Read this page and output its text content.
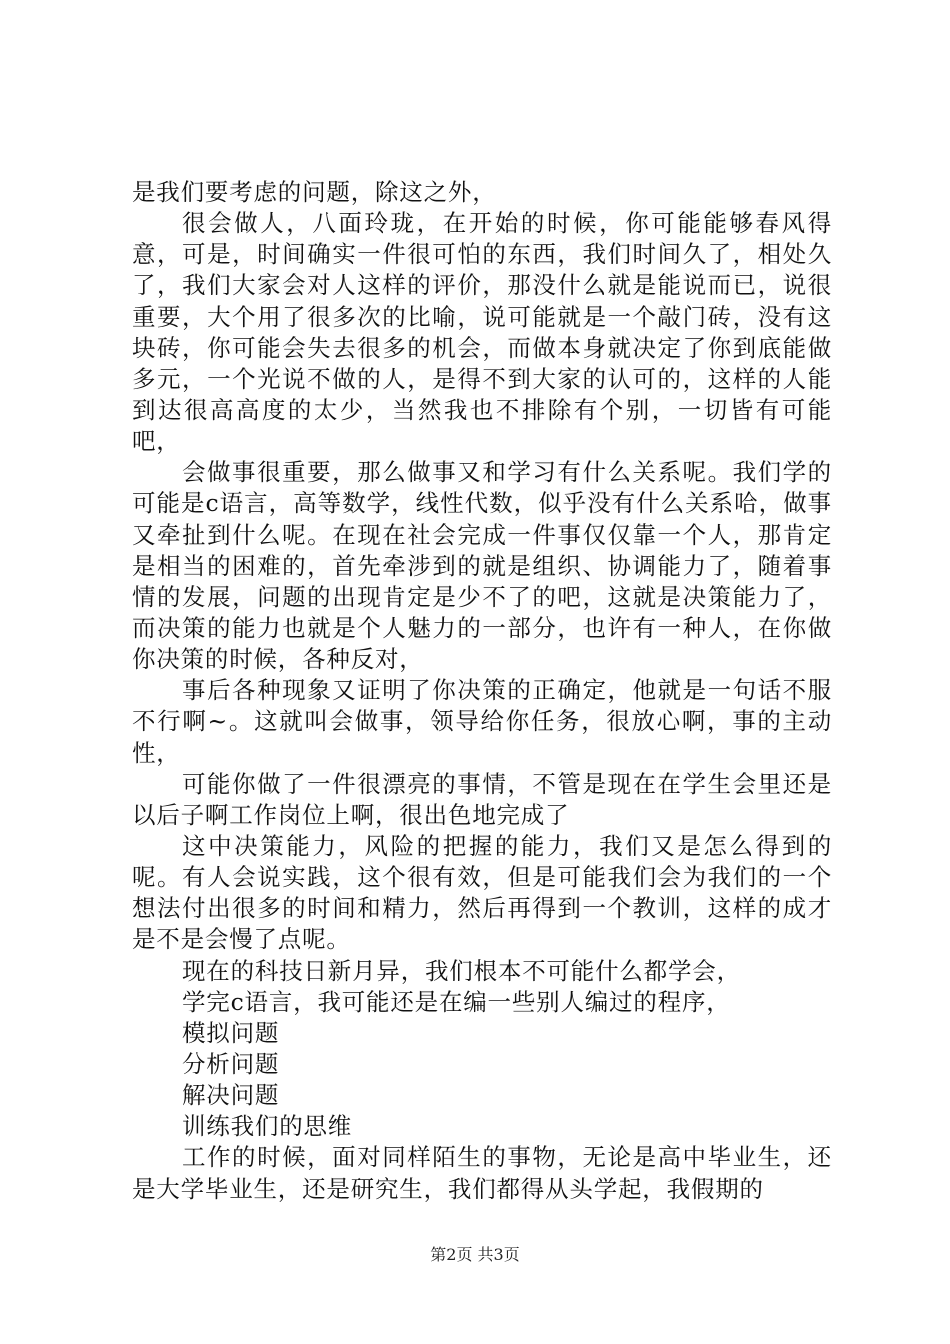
是我们要考虑的问题，除这之外，

很会做人，八面玲珑，在开始的时候，你可能能够春风得意，可是，时间确实一件很可怕的东西，我们时间久了，相处久了，我们大家会对人这样的评价，那没什么就是能说而已，说很重要，大个用了很多次的比喻，说可能就是一个敲门砖，没有这块砖，你可能会失去很多的机会，而做本身就决定了你到底能做多元，一个光说不做的人，是得不到大家的认可的，这样的人能到达很高高度的太少，当然我也不排除有个别，一切皆有可能吧，

会做事很重要，那么做事又和学习有什么关系呢。我们学的可能是c语言，高等数学，线性代数，似乎没有什么关系哈，做事又牵扯到什么呢。在现在社会完成一件事仅仅靠一个人，那肯定是相当的困难的，首先牵涉到的就是组织、协调能力了，随着事情的发展，问题的出现肯定是少不了的吧，这就是决策能力了，而决策的能力也就是个人魅力的一部分，也许有一种人，在你做你决策的时候，各种反对，

事后各种现象又证明了你决策的正确定，他就是一句话不服不行啊~。这就叫会做事，领导给你任务，很放心啊，事的主动性，

可能你做了一件很漂亮的事情，不管是现在在学生会里还是以后子啊工作岗位上啊，很出色地完成了

这中决策能力，风险的把握的能力，我们又是怎么得到的呢。有人会说实践，这个很有效，但是可能我们会为我们的一个想法付出很多的时间和精力，然后再得到一个教训，这样的成才是不是会慢了点呢。

现在的科技日新月异，我们根本不可能什么都学会，

学完c语言，我可能还是在编一些别人编过的程序，

模拟问题

分析问题

解决问题

训练我们的思维

工作的时候，面对同样陌生的事物，无论是高中毕业生，还是大学毕业生，还是研究生，我们都得从头学起，我假期的

第2页 共3页
